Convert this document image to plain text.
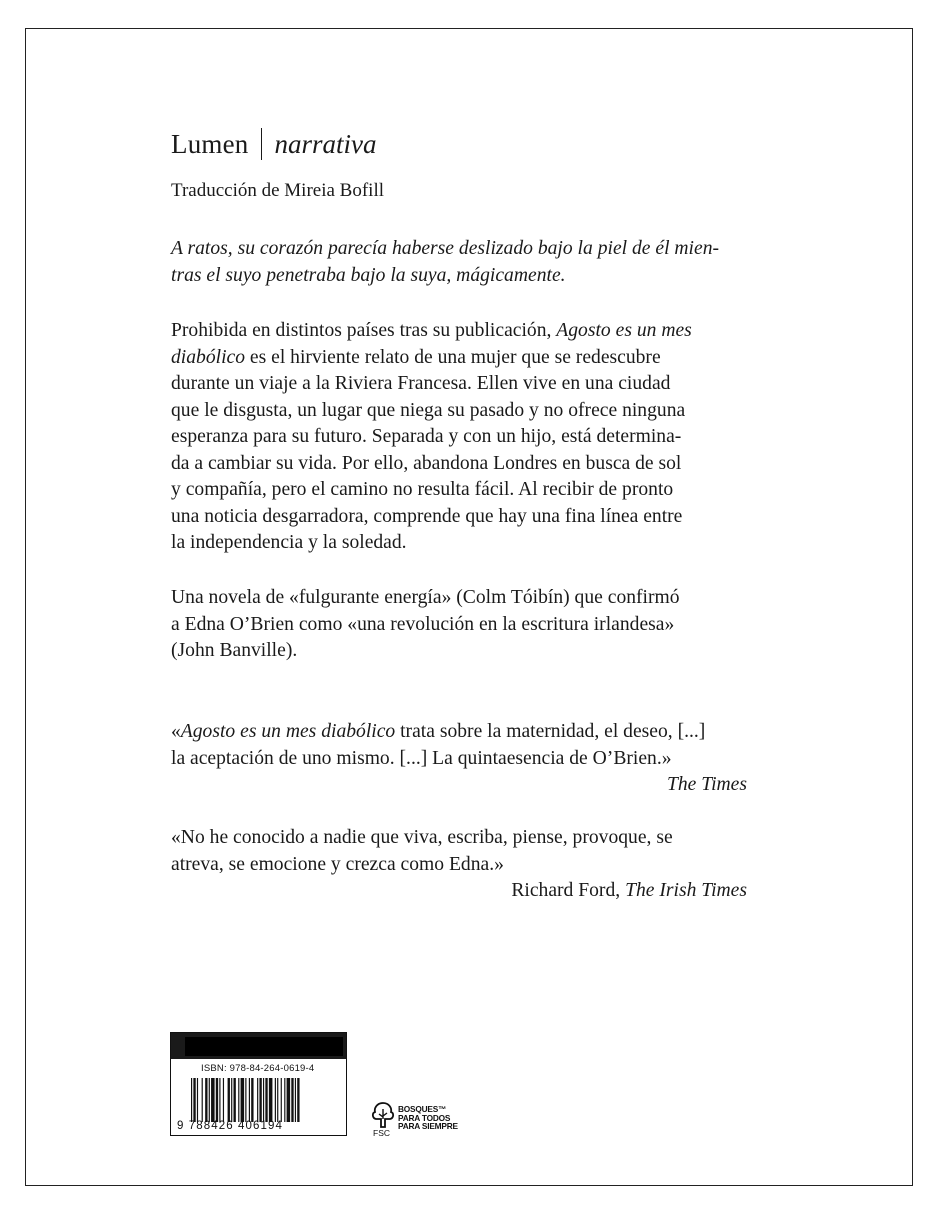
Lumen narrativa
Traducción de Mireia Bofill
A ratos, su corazón parecía haberse deslizado bajo la piel de él mien-
tras el suyo penetraba bajo la suya, mágicamente.
Prohibida en distintos países tras su publicación, Agosto es un mes
diabólico es el hirviente relato de una mujer que se redescubre
durante un viaje a la Riviera Francesa. Ellen vive en una ciudad
que le disgusta, un lugar que niega su pasado y no ofrece ninguna
esperanza para su futuro. Separada y con un hijo, está determina-
da a cambiar su vida. Por ello, abandona Londres en busca de sol
y compañía, pero el camino no resulta fácil. Al recibir de pronto
una noticia desgarradora, comprende que hay una fina línea entre
la independencia y la soledad.
Una novela de «fulgurante energía» (Colm Tóibín) que confirmó
a Edna O’Brien como «una revolución en la escritura irlandesa»
(John Banville).
«Agosto es un mes diabólico trata sobre la maternidad, el deseo, [...]
la aceptación de uno mismo. [...] La quintaesencia de O’Brien.»
The Times
«No he conocido a nadie que viva, escriba, piense, provoque, se
atreva, se emocione y crezca como Edna.»
Richard Ford, The Irish Times
ISBN: 978-84-264-0619-4
9 788426 406194
BOSQUES™
PARA TODOS
PARA SIEMPRE
FSC
